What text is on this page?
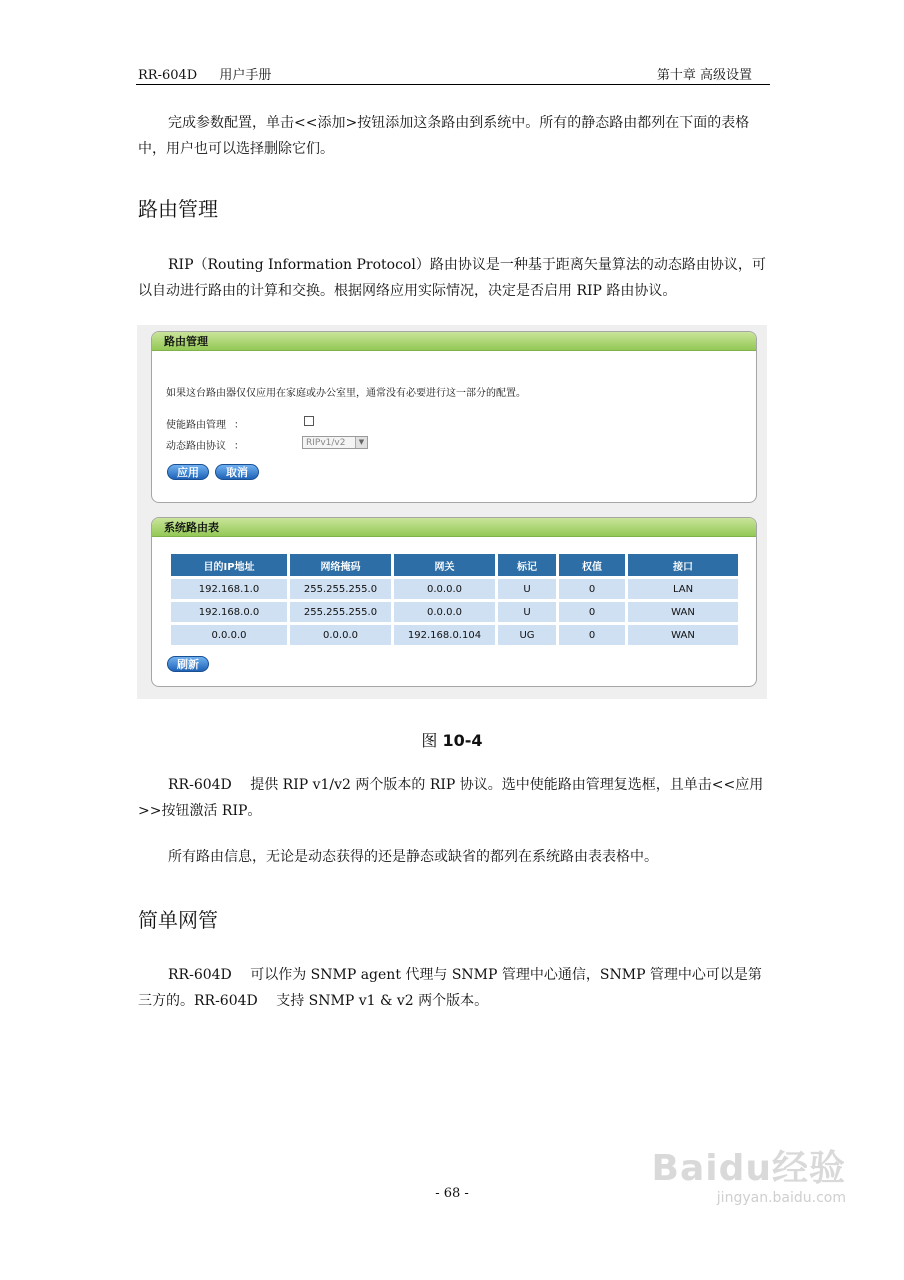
RR-604D 用户手册	第十章 高级设置
完成参数配置，单击<<添加>按钮添加这条路由到系统中。所有的静态路由都列在下面的表格中，用户也可以选择删除它们。
路由管理
RIP（Routing Information Protocol）路由协议是一种基于距离矢量算法的动态路由协议，可以自动进行路由的计算和交换。根据网络应用实际情况，决定是否启用 RIP 路由协议。
路由管理
如果这台路由器仅仅应用在家庭或办公室里，通常没有必要进行这一部分的配置。
使能路由管理 ：
动态路由协议 ：	RIPv1/v2	▼
应用	取消
系统路由表
目的IP地址	网络掩码	网关	标记	权值	接口
192.168.1.0	255.255.255.0	0.0.0.0	U	0	LAN
192.168.0.0	255.255.255.0	0.0.0.0	U	0	WAN
0.0.0.0	0.0.0.0	192.168.0.104	UG	0	WAN
刷新
图 10-4
RR-604D　 提供 RIP v1/v2 两个版本的 RIP 协议。选中使能路由管理复选框，且单击<<应用>>按钮激活 RIP。
所有路由信息，无论是动态获得的还是静态或缺省的都列在系统路由表表格中。
简单网管
RR-604D　 可以作为 SNMP agent 代理与 SNMP 管理中心通信，SNMP 管理中心可以是第三方的。RR-604D　 支持 SNMP v1 & v2 两个版本。
- 68 -
Baidu经验
jingyan.baidu.com
